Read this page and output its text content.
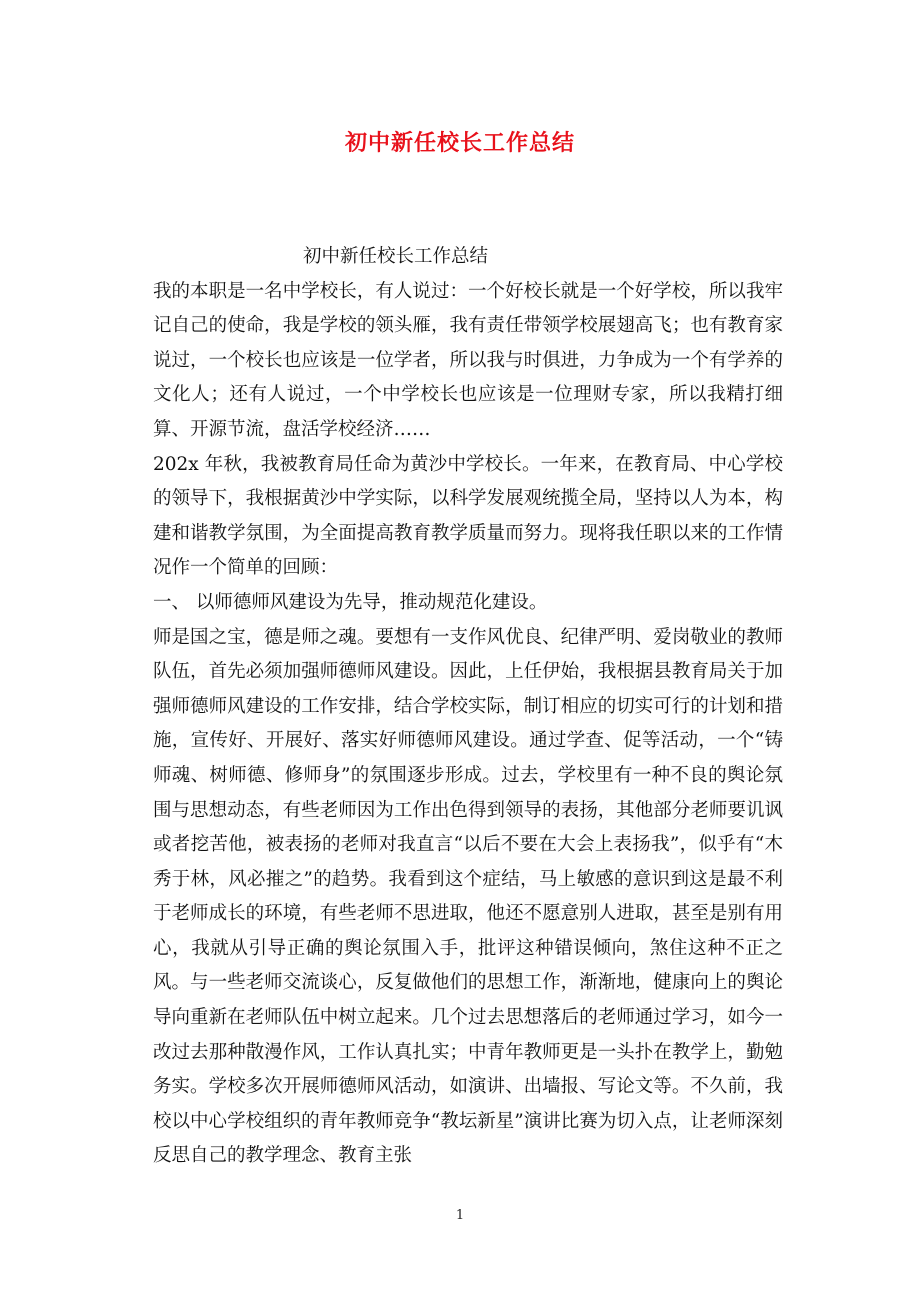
初中新任校长工作总结

初中新任校长工作总结

我的本职是一名中学校长，有人说过：一个好校长就是一个好学校，所以我牢记自己的使命，我是学校的领头雁，我有责任带领学校展翅高飞；也有教育家说过，一个校长也应该是一位学者，所以我与时俱进，力争成为一个有学养的文化人；还有人说过，一个中学校长也应该是一位理财专家，所以我精打细算、开源节流，盘活学校经济……

202x 年秋，我被教育局任命为黄沙中学校长。一年来，在教育局、中心学校的领导下，我根据黄沙中学实际，以科学发展观统揽全局，坚持以人为本，构建和谐教学氛围，为全面提高教育教学质量而努力。现将我任职以来的工作情况作一个简单的回顾：

一、 以师德师风建设为先导，推动规范化建设。

师是国之宝，德是师之魂。要想有一支作风优良、纪律严明、爱岗敬业的教师队伍，首先必须加强师德师风建设。因此，上任伊始，我根据县教育局关于加强师德师风建设的工作安排，结合学校实际，制订相应的切实可行的计划和措施，宣传好、开展好、落实好师德师风建设。通过学查、促等活动，一个“铸师魂、树师德、修师身”的氛围逐步形成。过去，学校里有一种不良的舆论氛围与思想动态，有些老师因为工作出色得到领导的表扬，其他部分老师要讥讽或者挖苦他，被表扬的老师对我直言“以后不要在大会上表扬我”，似乎有“木秀于林，风必摧之”的趋势。我看到这个症结，马上敏感的意识到这是最不利于老师成长的环境，有些老师不思进取，他还不愿意别人进取，甚至是别有用心，我就从引导正确的舆论氛围入手，批评这种错误倾向，煞住这种不正之风。与一些老师交流谈心，反复做他们的思想工作，渐渐地，健康向上的舆论导向重新在老师队伍中树立起来。几个过去思想落后的老师通过学习，如今一改过去那种散漫作风，工作认真扎实；中青年教师更是一头扑在教学上，勤勉务实。学校多次开展师德师风活动，如演讲、出墙报、写论文等。不久前，我校以中心学校组织的青年教师竞争“教坛新星”演讲比赛为切入点，让老师深刻反思自己的教学理念、教育主张

1
